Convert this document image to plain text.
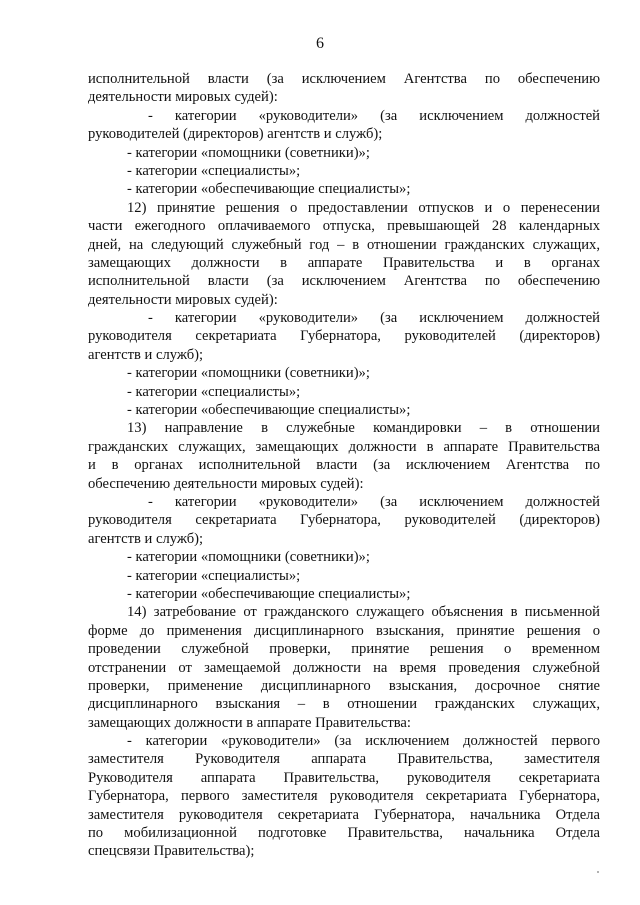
6
исполнительной власти (за исключением Агентства по обеспечению
деятельности мировых судей):
- категории «руководители» (за исключением должностей
руководителей (директоров) агентств и служб);
- категории «помощники (советники)»;
- категории «специалисты»;
- категории «обеспечивающие специалисты»;
12) принятие решения о предоставлении отпусков и о перенесении
части ежегодного оплачиваемого отпуска, превышающей 28 календарных
дней, на следующий служебный год – в отношении гражданских служащих,
замещающих должности в аппарате Правительства и в органах
исполнительной власти (за исключением Агентства по обеспечению
деятельности мировых судей):
- категории «руководители» (за исключением должностей
руководителя секретариата Губернатора, руководителей (директоров)
агентств и служб);
- категории «помощники (советники)»;
- категории «специалисты»;
- категории «обеспечивающие специалисты»;
13) направление в служебные командировки – в отношении
гражданских служащих, замещающих должности в аппарате Правительства
и в органах исполнительной власти (за исключением Агентства по
обеспечению деятельности мировых судей):
- категории «руководители» (за исключением должностей
руководителя секретариата Губернатора, руководителей (директоров)
агентств и служб);
- категории «помощники (советники)»;
- категории «специалисты»;
- категории «обеспечивающие специалисты»;
14) затребование от гражданского служащего объяснения в письменной
форме до применения дисциплинарного взыскания, принятие решения о
проведении служебной проверки, принятие решения о временном
отстранении от замещаемой должности на время проведения служебной
проверки, применение дисциплинарного взыскания, досрочное снятие
дисциплинарного взыскания – в отношении гражданских служащих,
замещающих должности в аппарате Правительства:
- категории «руководители» (за исключением должностей первого
заместителя Руководителя аппарата Правительства, заместителя
Руководителя аппарата Правительства, руководителя секретариата
Губернатора, первого заместителя руководителя секретариата Губернатора,
заместителя руководителя секретариата Губернатора, начальника Отдела
по мобилизационной подготовке Правительства, начальника Отдела
спецсвязи Правительства);
